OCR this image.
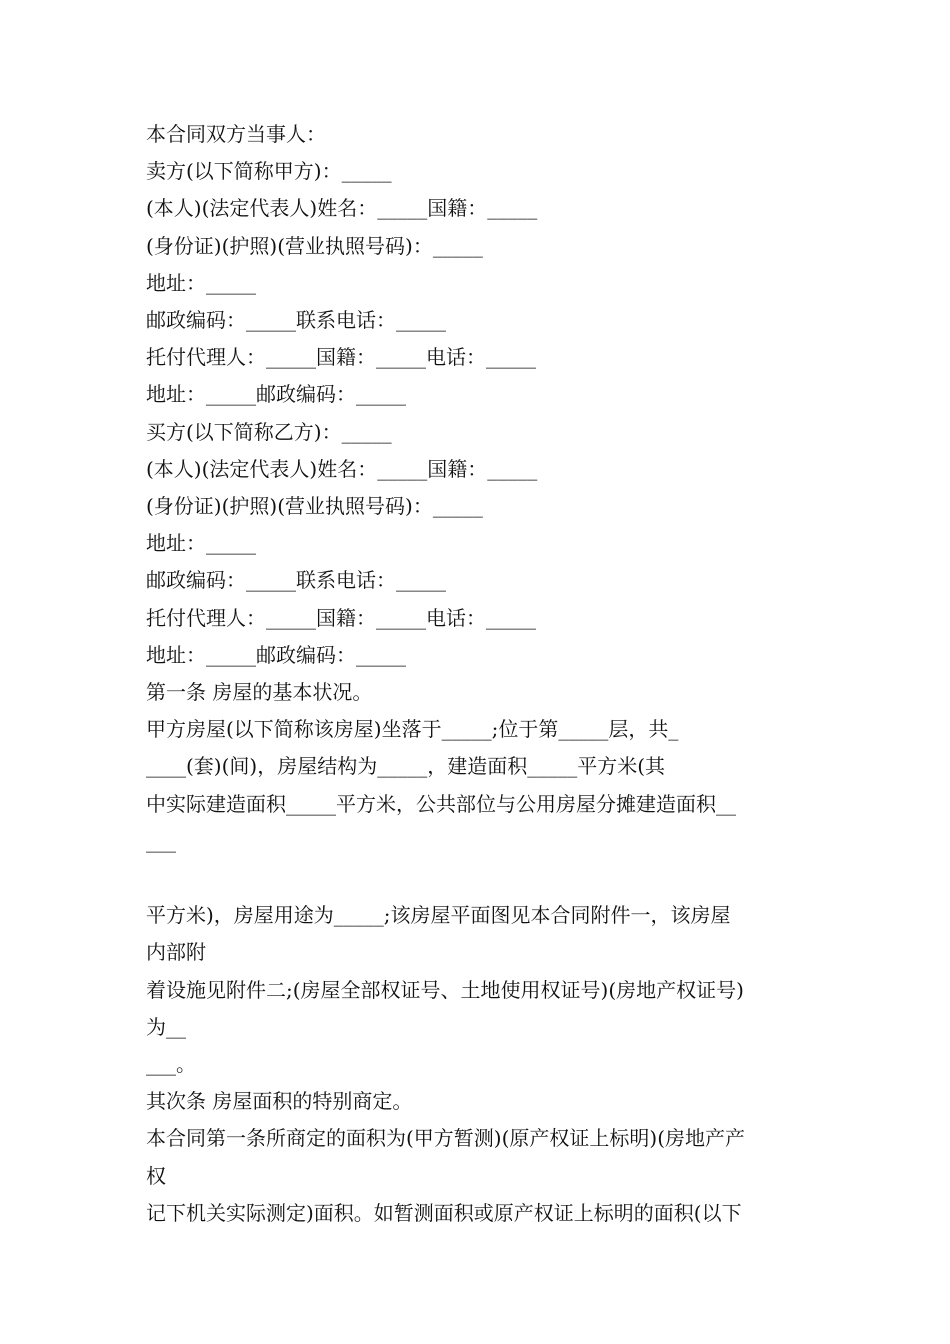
本合同双方当事人：

卖方(以下简称甲方)：_____

(本人)(法定代表人)姓名：_____国籍：_____

(身份证)(护照)(营业执照号码)：_____

地址：_____

邮政编码：_____联系电话：_____

托付代理人：_____国籍：_____电话：_____

地址：_____邮政编码：_____

买方(以下简称乙方)：_____

(本人)(法定代表人)姓名：_____国籍：_____

(身份证)(护照)(营业执照号码)：_____

地址：_____

邮政编码：_____联系电话：_____

托付代理人：_____国籍：_____电话：_____

地址：_____邮政编码：_____

第一条 房屋的基本状况。

甲方房屋(以下简称该房屋)坐落于_____;位于第_____层，共_

____(套)(间)，房屋结构为_____，建造面积_____平方米(其

中实际建造面积_____平方米，公共部位与公用房屋分摊建造面积__

___

平方米)，房屋用途为_____;该房屋平面图见本合同附件一，该房屋

内部附

着设施见附件二;(房屋全部权证号、土地使用权证号)(房地产权证号)

为__

___。

其次条 房屋面积的特别商定。

本合同第一条所商定的面积为(甲方暂测)(原产权证上标明)(房地产产

权

记下机关实际测定)面积。如暂测面积或原产权证上标明的面积(以下
